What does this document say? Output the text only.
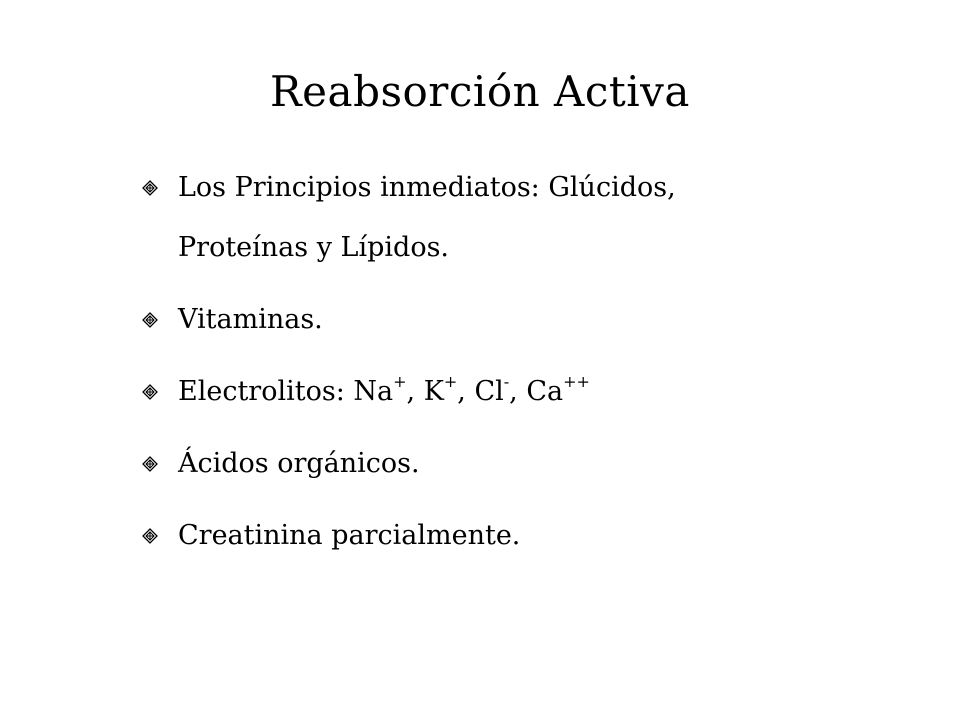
Reabsorción Activa
Los Principios inmediatos: Glúcidos,
Proteínas y Lípidos.
Vitaminas.
Electrolitos: Na+, K+, Cl-, Ca++
Ácidos orgánicos.
Creatinina parcialmente.
